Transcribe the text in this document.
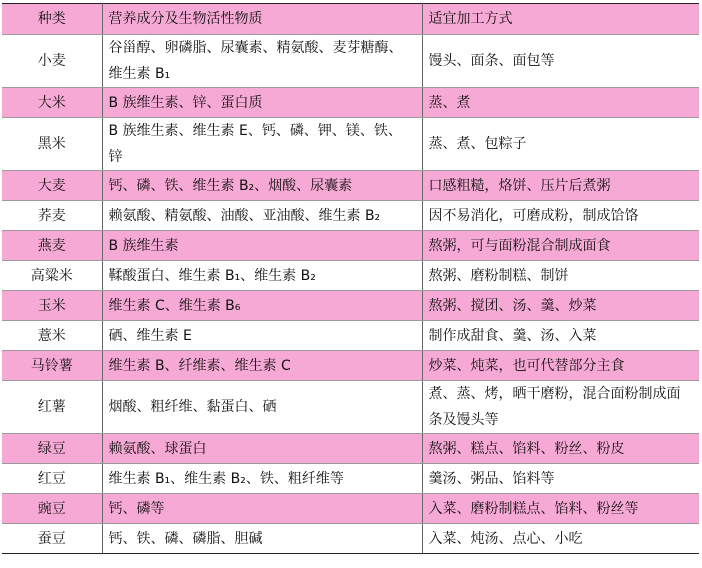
种类	营养成分及生物活性物质	适宜加工方式
小麦	谷甾醇、卵磷脂、尿囊素、精氨酸、麦芽糖酶、维生素 B₁	馒头、面条、面包等
大米	B 族维生素、锌、蛋白质	蒸、煮
黑米	B 族维生素、维生素 E、钙、磷、钾、镁、铁、锌	蒸、煮、包粽子
大麦	钙、磷、铁、维生素 B₂、烟酸、尿囊素	口感粗糙，烙饼、压片后煮粥
荞麦	赖氨酸、精氨酸、油酸、亚油酸、维生素 B₂	因不易消化，可磨成粉，制成饸饹
燕麦	B 族维生素	熬粥，可与面粉混合制成面食
高粱米	鞣酸蛋白、维生素 B₁、维生素 B₂	熬粥、磨粉制糕、制饼
玉米	维生素 C、维生素 B₆	熬粥、搅团、汤、羹、炒菜
薏米	硒、维生素 E	制作成甜食、羹、汤、入菜
马铃薯	维生素 B、纤维素、维生素 C	炒菜、炖菜，也可代替部分主食
红薯	烟酸、粗纤维、黏蛋白、硒	煮、蒸、烤，晒干磨粉，混合面粉制成面条及馒头等
绿豆	赖氨酸、球蛋白	熬粥、糕点、馅料、粉丝、粉皮
红豆	维生素 B₁、维生素 B₂、铁、粗纤维等	羹汤、粥品、馅料等
豌豆	钙、磷等	入菜、磨粉制糕点、馅料、粉丝等
蚕豆	钙、铁、磷、磷脂、胆碱	入菜、炖汤、点心、小吃
